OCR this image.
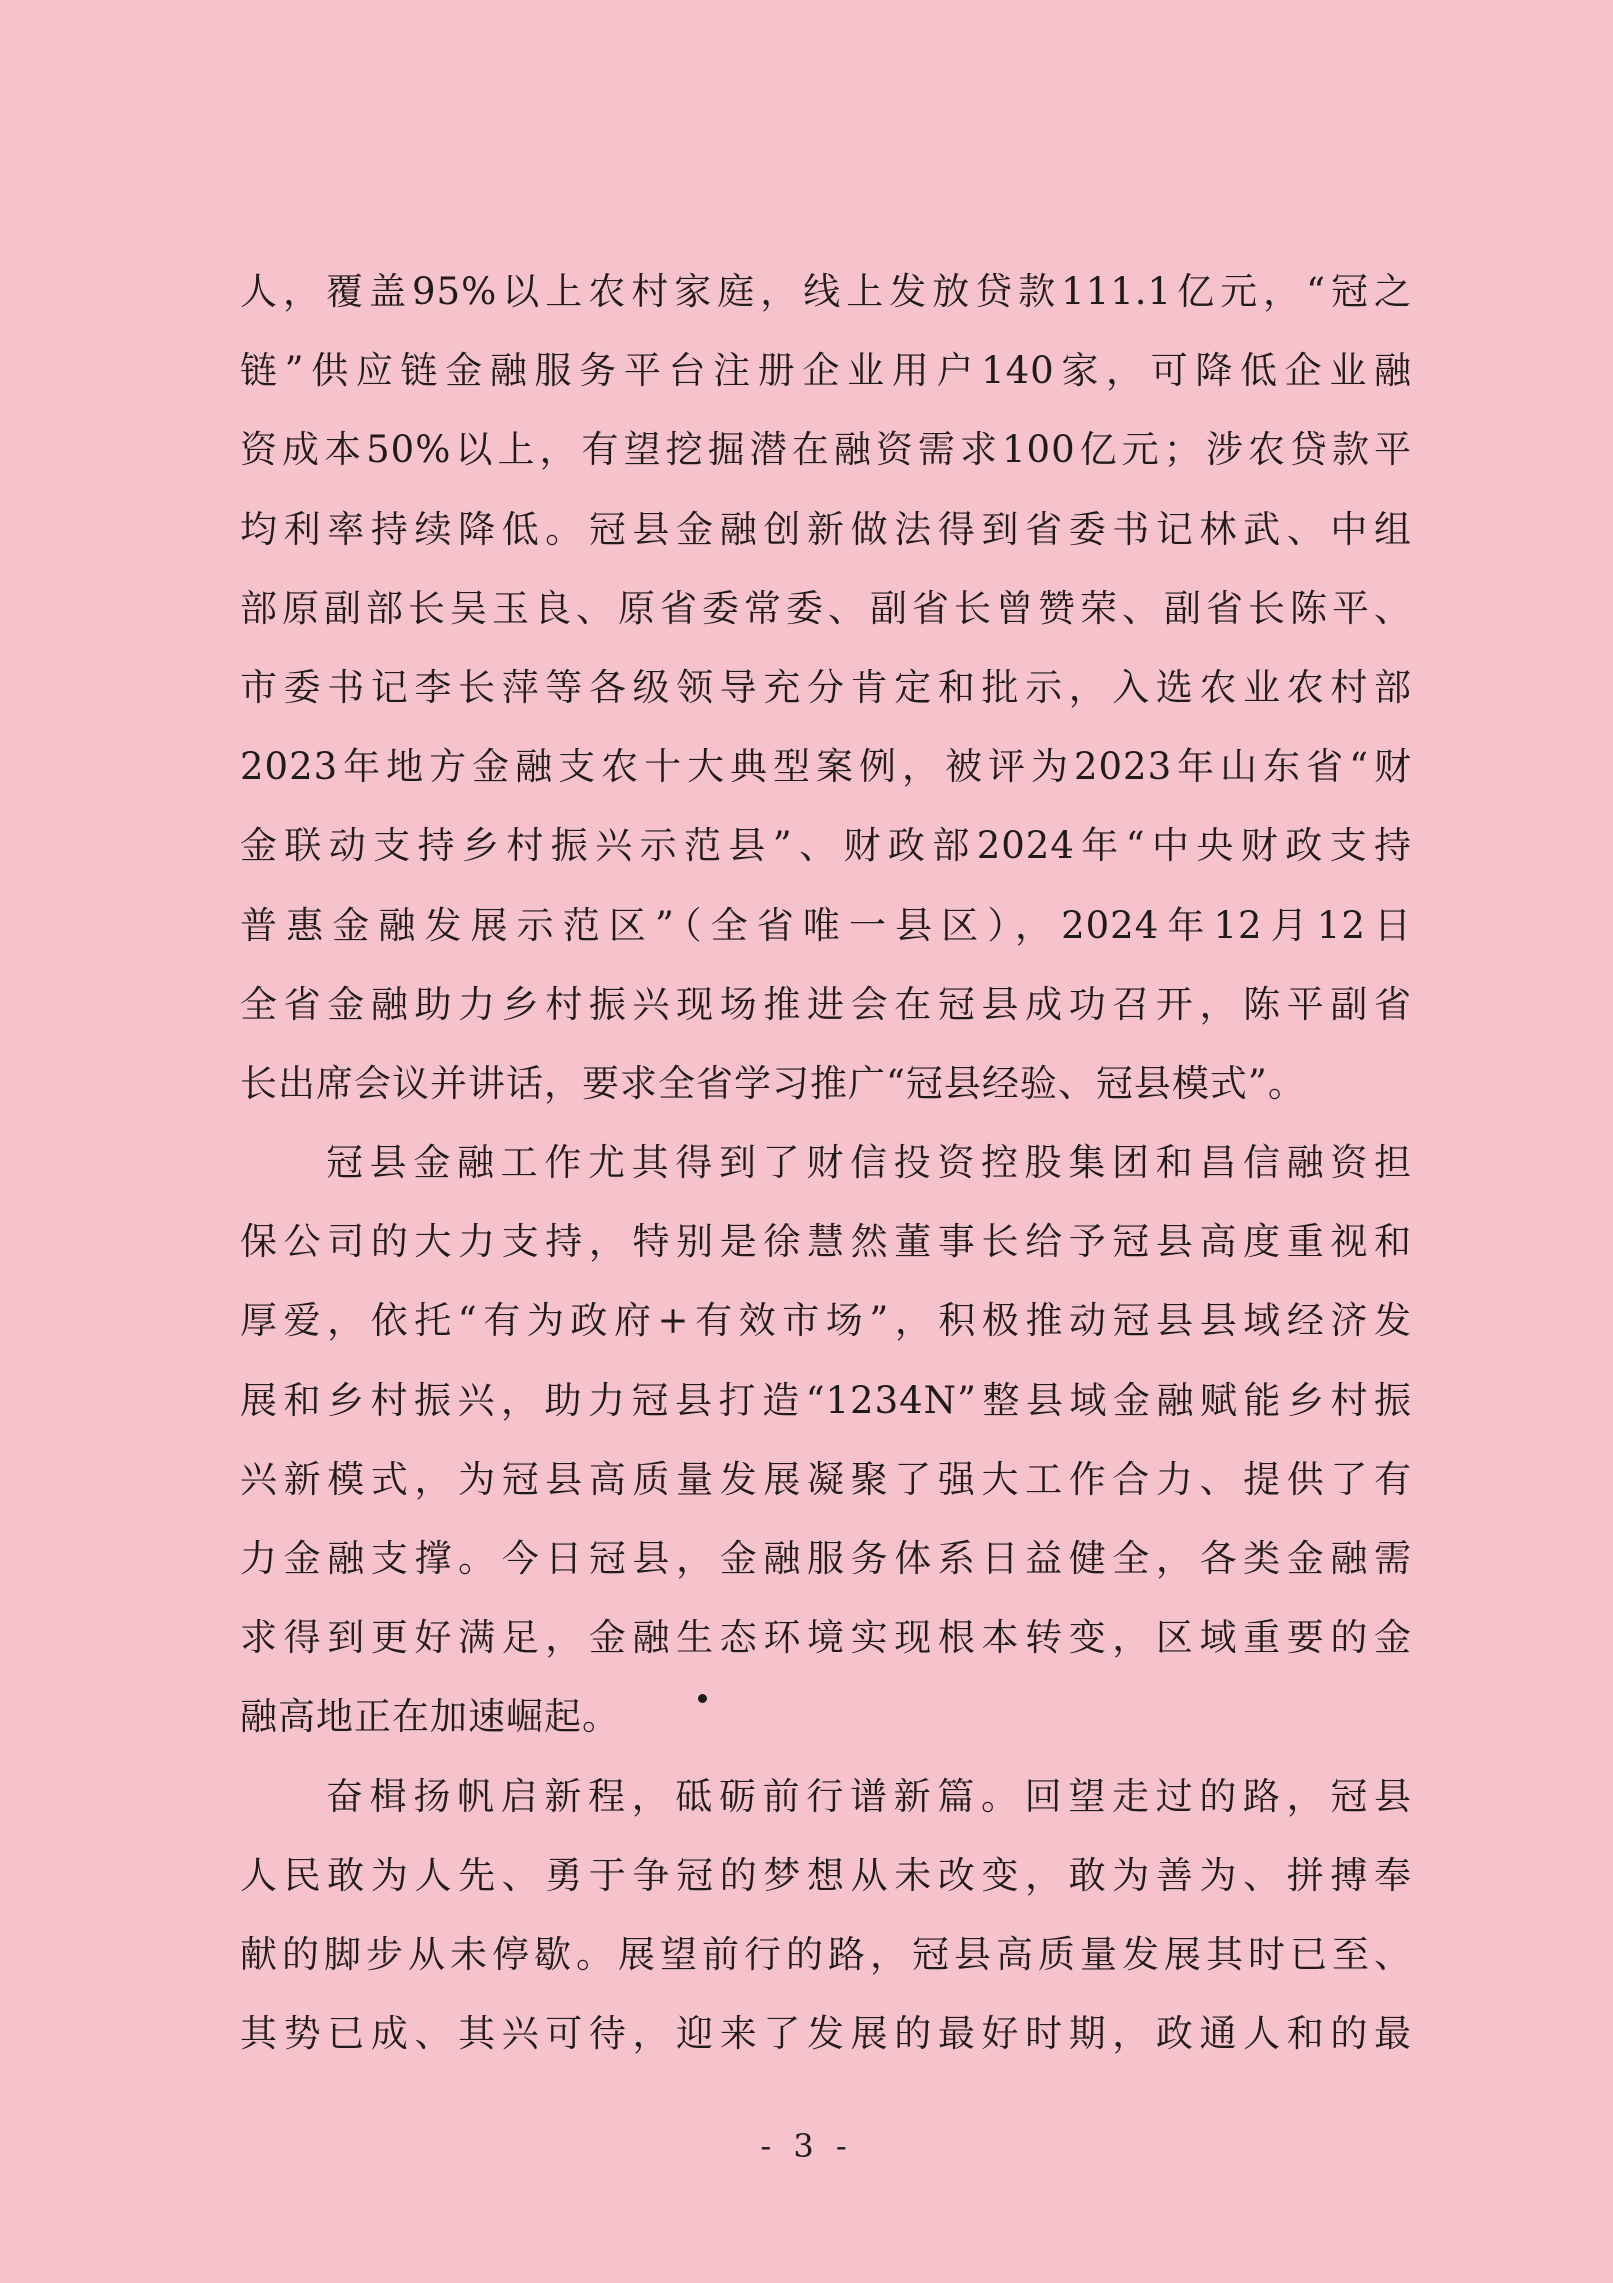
人，覆盖95%以上农村家庭，线上发放贷款111.1亿元，“冠之
链”供应链金融服务平台注册企业用户140家，可降低企业融
资成本50%以上，有望挖掘潜在融资需求100亿元；涉农贷款平
均利率持续降低。冠县金融创新做法得到省委书记林武、中组
部原副部长吴玉良、原省委常委、副省长曾赞荣、副省长陈平、
市委书记李长萍等各级领导充分肯定和批示，入选农业农村部
2023年地方金融支农十大典型案例，被评为2023年山东省“财
金联动支持乡村振兴示范县”、财政部2024年“中央财政支持
普惠金融发展示范区”（全省唯一县区），2024年12月12日
全省金融助力乡村振兴现场推进会在冠县成功召开，陈平副省
长出席会议并讲话，要求全省学习推广“冠县经验、冠县模式”。
冠县金融工作尤其得到了财信投资控股集团和昌信融资担
保公司的大力支持，特别是徐慧然董事长给予冠县高度重视和
厚爱，依托“有为政府+有效市场”，积极推动冠县县域经济发
展和乡村振兴，助力冠县打造“1234N”整县域金融赋能乡村振
兴新模式，为冠县高质量发展凝聚了强大工作合力、提供了有
力金融支撑。今日冠县，金融服务体系日益健全，各类金融需
求得到更好满足，金融生态环境实现根本转变，区域重要的金
融高地正在加速崛起。
奋楫扬帆启新程，砥砺前行谱新篇。回望走过的路，冠县
人民敢为人先、勇于争冠的梦想从未改变，敢为善为、拼搏奉
献的脚步从未停歇。展望前行的路，冠县高质量发展其时已至、
其势已成、其兴可待，迎来了发展的最好时期，政通人和的最
- 3 -
